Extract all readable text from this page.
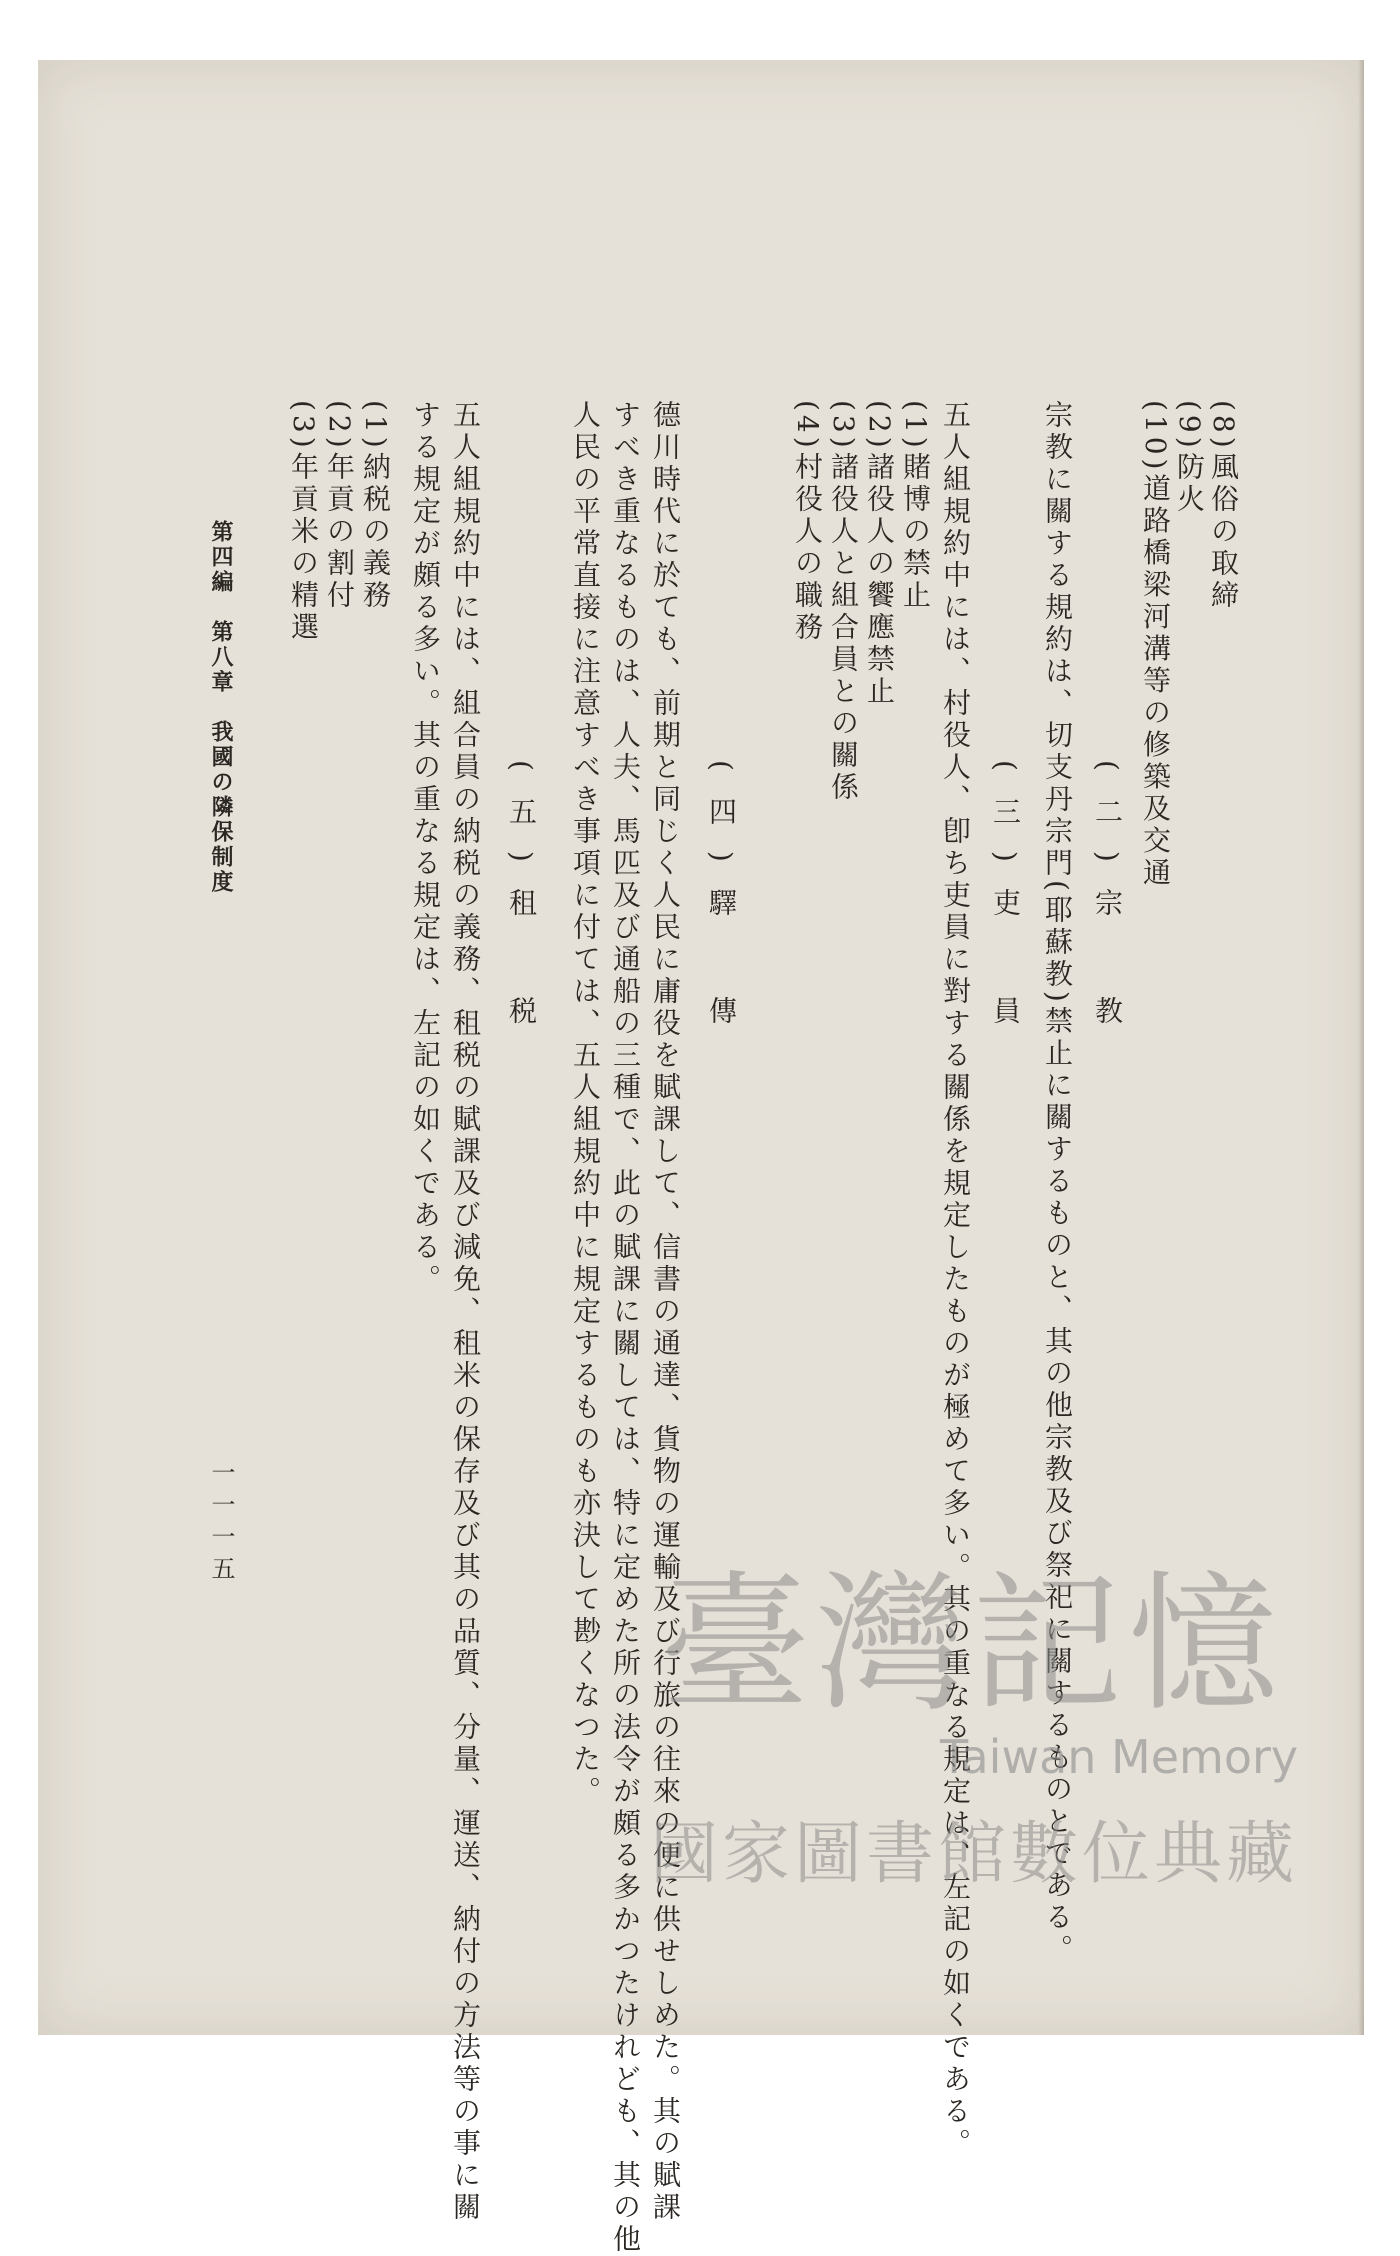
(8)風俗の取締

(9)防火

(10)道路橋梁河溝等の修築及交通

(二)宗　教

宗教に關する規約は、切支丹宗門(耶蘇教)禁止に關するものと、其の他宗教及び祭祀に關するものとである。

(三)吏　員

五人組規約中には、村役人、卽ち吏員に對する關係を規定したものが極めて多い。其の重なる規定は、左記の如くである。

(1)賭博の禁止

(2)諸役人の饗應禁止

(3)諸役人と組合員との關係

(4)村役人の職務

(四)驛　傳

德川時代に於ても、前期と同じく人民に庸役を賦課して、信書の通達、貨物の運輸及び行旅の往來の便に供せしめた。其の賦課

すべき重なるものは、人夫、馬匹及び通船の三種で、此の賦課に關しては、特に定めた所の法令が頗る多かつたけれども、其の他

人民の平常直接に注意すべき事項に付ては、五人組規約中に規定するものも亦決して尠くなつた。

(五)租　税

五人組規約中には、組合員の納税の義務、租税の賦課及び減免、租米の保存及び其の品質、分量、運送、納付の方法等の事に關

する規定が頗る多い。其の重なる規定は、左記の如くである。

(1)納税の義務

(2)年貢の割付

(3)年貢米の精選

第四編　第八章　我國の隣保制度

一一一五

臺灣記憶
Taiwan Memory
國家圖書館數位典藏
